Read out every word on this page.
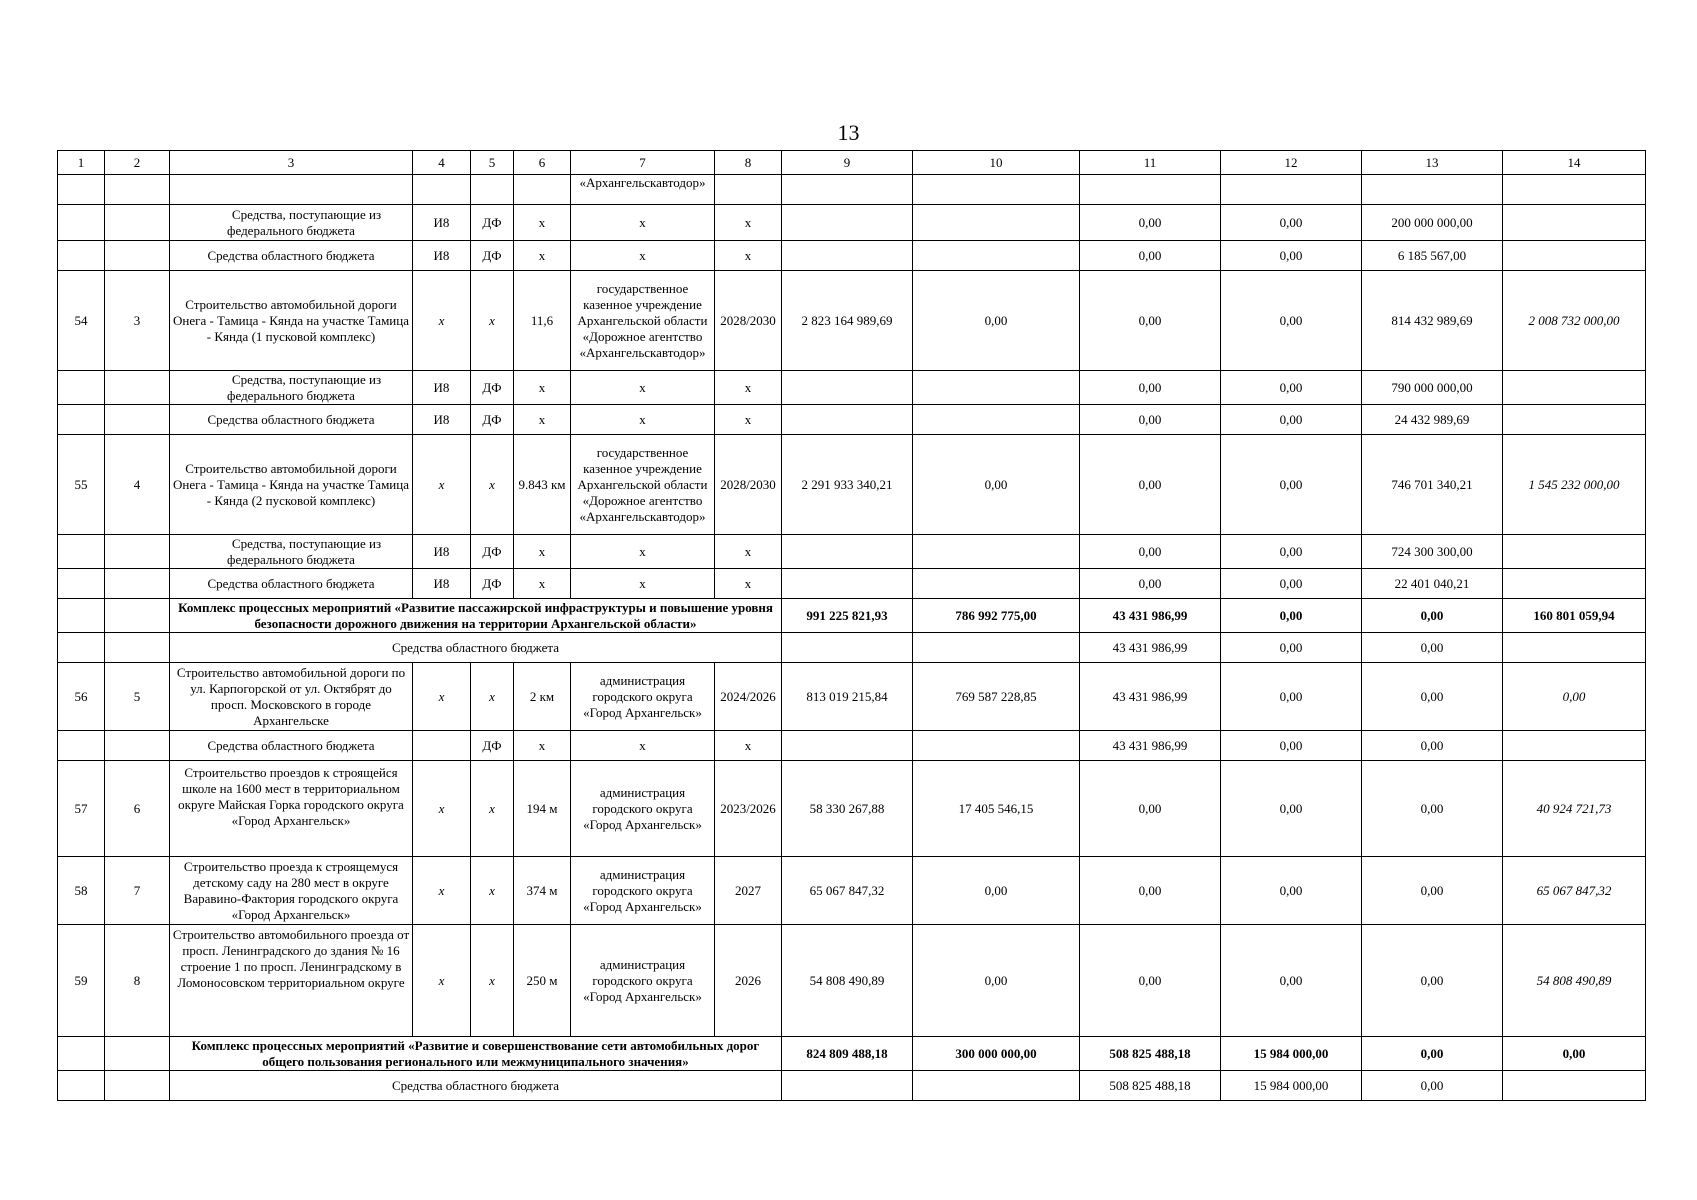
13
1	2	3	4	5	6	7	8	9	10	11	12	13	14
						«Архангельскавтодор»							
		Средства, поступающие из федерального бюджета	И8	ДФ	х	х	х			0,00	0,00	200 000 000,00	
		Средства областного бюджета	И8	ДФ	х	х	х			0,00	0,00	6 185 567,00	
54	3	Строительство автомобильной дороги Онега - Тамица - Кянда на участке Тамица - Кянда (1 пусковой комплекс)	х	х	11,6	государственное казенное учреждение Архангельской области «Дорожное агентство «Архангельскавтодор»	2028/2030	2 823 164 989,69	0,00	0,00	0,00	814 432 989,69	2 008 732 000,00
		Средства, поступающие из федерального бюджета	И8	ДФ	х	х	х			0,00	0,00	790 000 000,00	
		Средства областного бюджета	И8	ДФ	х	х	х			0,00	0,00	24 432 989,69	
55	4	Строительство автомобильной дороги Онега - Тамица - Кянда на участке Тамица - Кянда (2 пусковой комплекс)	х	х	9.843 км	государственное казенное учреждение Архангельской области «Дорожное агентство «Архангельскавтодор»	2028/2030	2 291 933 340,21	0,00	0,00	0,00	746 701 340,21	1 545 232 000,00
		Средства, поступающие из федерального бюджета	И8	ДФ	х	х	х			0,00	0,00	724 300 300,00	
		Средства областного бюджета	И8	ДФ	х	х	х			0,00	0,00	22 401 040,21	
		Комплекс процессных мероприятий «Развитие пассажирской инфраструктуры и повышение уровня безопасности дорожного движения на территории Архангельской области»						991 225 821,93	786 992 775,00	43 431 986,99	0,00	0,00	160 801 059,94
		Средства областного бюджета								43 431 986,99	0,00	0,00	
56	5	Строительство автомобильной дороги по ул. Карпогорской от ул. Октябрят до просп. Московского в городе Архангельске	х	х	2 км	администрация городского округа «Город Архангельск»	2024/2026	813 019 215,84	769 587 228,85	43 431 986,99	0,00	0,00	0,00
		Средства областного бюджета		ДФ	х	х	х			43 431 986,99	0,00	0,00	
57	6	Строительство проездов к строящейся школе на 1600 мест в территориальном округе Майская Горка городского округа «Город Архангельск»	х	х	194 м	администрация городского округа «Город Архангельск»	2023/2026	58 330 267,88	17 405 546,15	0,00	0,00	0,00	40 924 721,73
58	7	Строительство проезда к строящемуся детскому саду на 280 мест в округе Варавино-Фактория городского округа «Город Архангельск»	х	х	374 м	администрация городского округа «Город Архангельск»	2027	65 067 847,32	0,00	0,00	0,00	0,00	65 067 847,32
59	8	Строительство автомобильного проезда от просп. Ленинградского до здания № 16 строение 1 по просп. Ленинградскому в Ломоносовском территориальном округе	х	х	250 м	администрация городского округа «Город Архангельск»	2026	54 808 490,89	0,00	0,00	0,00	0,00	54 808 490,89
		Комплекс процессных мероприятий «Развитие и совершенствование сети автомобильных дорог общего пользования регионального или межмуниципального значения»						824 809 488,18	300 000 000,00	508 825 488,18	15 984 000,00	0,00	0,00
		Средства областного бюджета								508 825 488,18	15 984 000,00	0,00	
